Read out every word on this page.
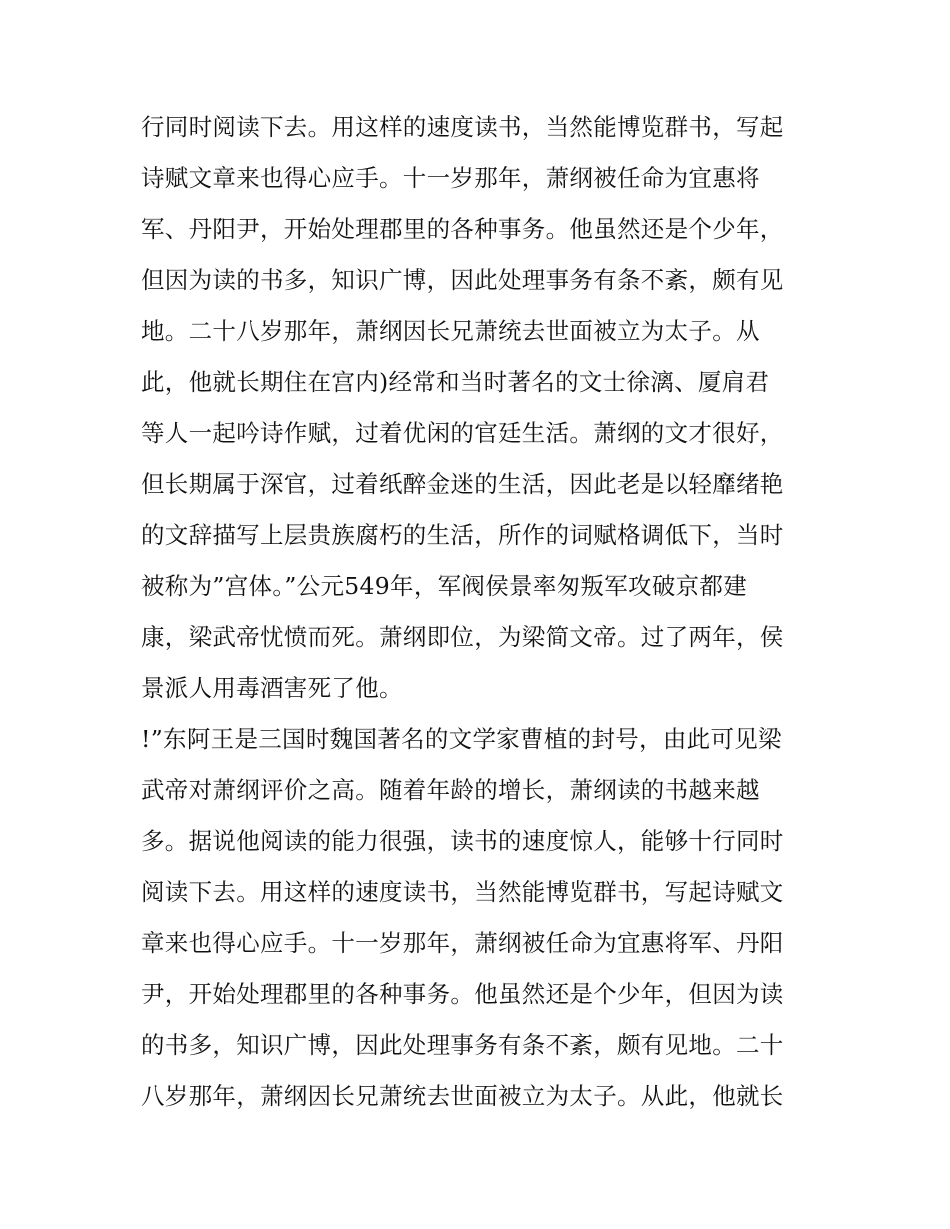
行同时阅读下去。用这样的速度读书，当然能博览群书，写起
诗赋文章来也得心应手。十一岁那年，萧纲被任命为宜惠将
军、丹阳尹，开始处理郡里的各种事务。他虽然还是个少年，
但因为读的书多，知识广博，因此处理事务有条不紊，颇有见
地。二十八岁那年，萧纲因长兄萧统去世面被立为太子。从
此，他就长期住在宫内)经常和当时著名的文士徐漓、厦肩君
等人一起吟诗作赋，过着优闲的官廷生活。萧纲的文才很好，
但长期属于深官，过着纸醉金迷的生活，因此老是以轻靡绪艳
的文辞描写上层贵族腐朽的生活，所作的词赋格调低下，当时
被称为”宫体。”公元549年，军阀侯景率匆叛军攻破京都建
康，梁武帝忧愤而死。萧纲即位，为梁简文帝。过了两年，侯
景派人用毒酒害死了他。
!”东阿王是三国时魏国著名的文学家曹植的封号，由此可见梁
武帝对萧纲评价之高。随着年龄的增长，萧纲读的书越来越
多。据说他阅读的能力很强，读书的速度惊人，能够十行同时
阅读下去。用这样的速度读书，当然能博览群书，写起诗赋文
章来也得心应手。十一岁那年，萧纲被任命为宜惠将军、丹阳
尹，开始处理郡里的各种事务。他虽然还是个少年，但因为读
的书多，知识广博，因此处理事务有条不紊，颇有见地。二十
八岁那年，萧纲因长兄萧统去世面被立为太子。从此，他就长
